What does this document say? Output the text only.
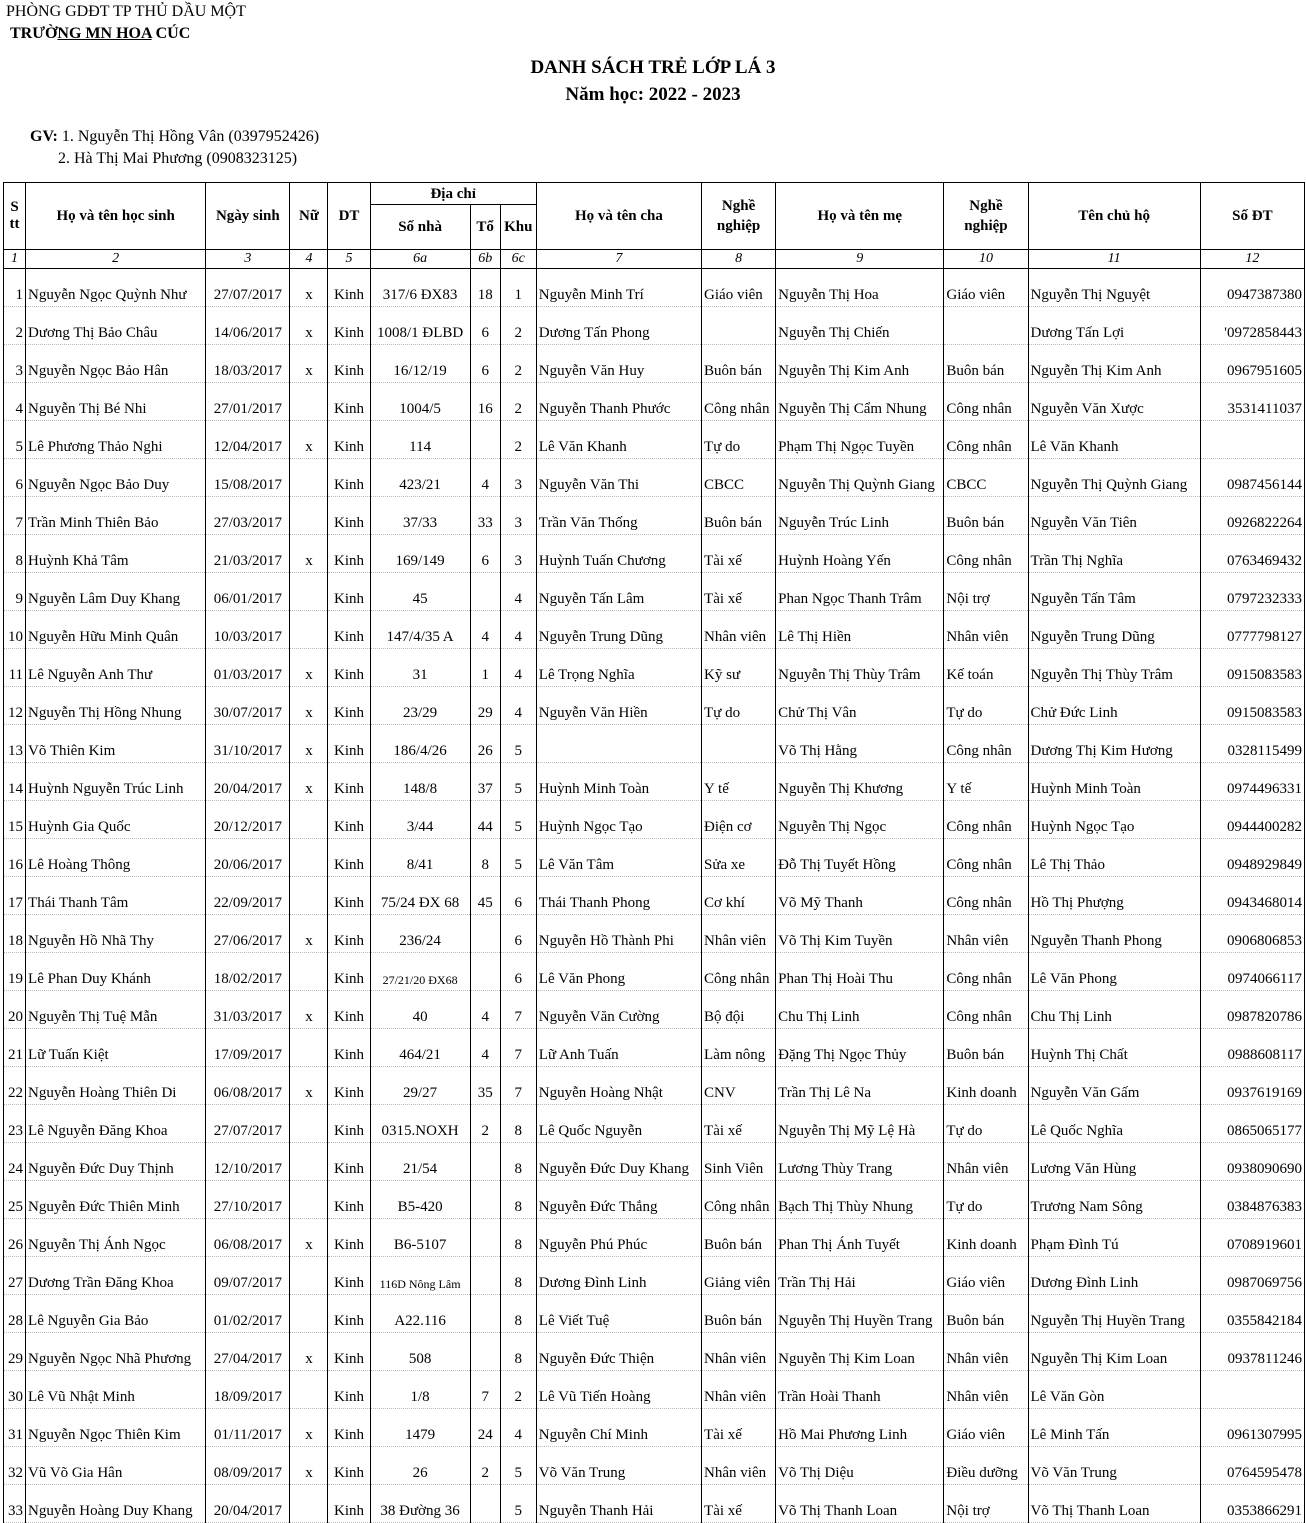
PHÒNG GDĐT TP THỦ DẦU MỘT
TRƯỜNG MN HOA CÚC
DANH SÁCH TRẺ LỚP LÁ 3
Năm học: 2022 - 2023
GV: 1. Nguyễn Thị Hồng Vân (0397952426)
2. Hà Thị Mai Phương (0908323125)
Stt	Họ và tên học sinh	Ngày sinh	Nữ	DT	Địa chỉ			Họ và tên cha	Nghề nghiệp	Họ và tên mẹ	Nghề nghiệp	Tên chủ hộ	Số ĐT
					Số nhà	Tổ	Khu						
1	2	3	4	5	6a	6b	6c	7	8	9	10	11	12
1	Nguyễn Ngọc Quỳnh Như	27/07/2017	x	Kinh	317/6 ĐX83	18	1	Nguyễn Minh Trí	Giáo viên	Nguyễn Thị Hoa	Giáo viên	Nguyễn Thị Nguyệt	0947387380
2	Dương Thị Bảo Châu	14/06/2017	x	Kinh	1008/1 ĐLBD	6	2	Dương Tấn Phong		Nguyễn Thị Chiến		Dương Tấn Lợi	'0972858443
3	Nguyễn Ngọc Bảo Hân	18/03/2017	x	Kinh	16/12/19	6	2	Nguyễn Văn Huy	Buôn bán	Nguyễn Thị Kim Anh	Buôn bán	Nguyễn Thị Kim Anh	0967951605
4	Nguyễn Thị Bé Nhi	27/01/2017		Kinh	1004/5	16	2	Nguyễn Thanh Phước	Công nhân	Nguyễn Thị Cẩm Nhung	Công nhân	Nguyễn Văn Xược	3531411037
5	Lê Phương Thảo Nghi	12/04/2017	x	Kinh	114		2	Lê Văn Khanh	Tự do	Phạm Thị Ngọc Tuyền	Công nhân	Lê Văn Khanh	
6	Nguyễn Ngọc Bảo Duy	15/08/2017		Kinh	423/21	4	3	Nguyễn Văn Thi	CBCC	Nguyễn Thị Quỳnh Giang	CBCC	Nguyễn Thị Quỳnh Giang	0987456144
7	Trần Minh Thiên Bảo	27/03/2017		Kinh	37/33	33	3	Trần Văn Thống	Buôn bán	Nguyễn Trúc Linh	Buôn bán	Nguyễn Văn Tiên	0926822264
8	Huỳnh Khả Tâm	21/03/2017	x	Kinh	169/149	6	3	Huỳnh Tuấn Chương	Tài xế	Huỳnh Hoàng Yến	Công nhân	Trần Thị Nghĩa	0763469432
9	Nguyễn Lâm Duy Khang	06/01/2017		Kinh	45		4	Nguyễn Tấn Lâm	Tài xế	Phan Ngọc Thanh Trâm	Nội trợ	Nguyễn Tấn Tâm	0797232333
10	Nguyễn Hữu Minh Quân	10/03/2017		Kinh	147/4/35 A	4	4	Nguyễn Trung Dũng	Nhân viên	Lê Thị Hiền	Nhân viên	Nguyễn Trung Dũng	0777798127
11	Lê Nguyễn Anh Thư	01/03/2017	x	Kinh	31	1	4	Lê Trọng Nghĩa	Kỹ sư	Nguyễn Thị Thùy Trâm	Kế toán	Nguyễn Thị Thùy Trâm	0915083583
12	Nguyễn Thị Hồng Nhung	30/07/2017	x	Kinh	23/29	29	4	Nguyễn Văn Hiền	Tự do	Chử Thị Vân	Tự do	Chử Đức Linh	0915083583
13	Võ Thiên Kim	31/10/2017	x	Kinh	186/4/26	26	5			Võ Thị Hằng	Công nhân	Dương Thị Kim Hương	0328115499
14	Huỳnh Nguyễn Trúc Linh	20/04/2017	x	Kinh	148/8	37	5	Huỳnh Minh Toàn	Y tế	Nguyễn Thị Khương	Y tế	Huỳnh Minh Toàn	0974496331
15	Huỳnh Gia Quốc	20/12/2017		Kinh	3/44	44	5	Huỳnh Ngọc Tạo	Điện cơ	Nguyễn Thị Ngọc	Công nhân	Huỳnh Ngọc Tạo	0944400282
16	Lê Hoàng Thông	20/06/2017		Kinh	8/41	8	5	Lê Văn Tâm	Sửa xe	Đỗ Thị Tuyết Hồng	Công nhân	Lê Thị Thảo	0948929849
17	Thái Thanh Tâm	22/09/2017		Kinh	75/24 ĐX 68	45	6	Thái Thanh Phong	Cơ khí	Võ Mỹ Thanh	Công nhân	Hồ Thị Phượng	0943468014
18	Nguyễn Hồ Nhã Thy	27/06/2017	x	Kinh	236/24		6	Nguyễn Hồ Thành Phi	Nhân viên	Võ Thị Kim Tuyền	Nhân viên	Nguyễn Thanh Phong	0906806853
19	Lê Phan Duy Khánh	18/02/2017		Kinh	27/21/20 ĐX68		6	Lê Văn Phong	Công nhân	Phan Thị Hoài Thu	Công nhân	Lê Văn Phong	0974066117
20	Nguyễn Thị Tuệ Mẫn	31/03/2017	x	Kinh	40	4	7	Nguyễn Văn Cường	Bộ đội	Chu Thị Linh	Công nhân	Chu Thị Linh	0987820786
21	Lữ Tuấn Kiệt	17/09/2017		Kinh	464/21	4	7	Lữ Anh Tuấn	Làm nông	Đặng Thị Ngọc Thủy	Buôn bán	Huỳnh Thị Chất	0988608117
22	Nguyễn Hoàng Thiên Di	06/08/2017	x	Kinh	29/27	35	7	Nguyễn Hoàng Nhật	CNV	Trần Thị Lê Na	Kinh doanh	Nguyễn Văn Gấm	0937619169
23	Lê Nguyễn Đăng Khoa	27/07/2017		Kinh	0315.NOXH	2	8	Lê Quốc Nguyễn	Tài xế	Nguyễn Thị Mỹ Lệ Hà	Tự do	Lê Quốc Nghĩa	0865065177
24	Nguyễn Đức Duy Thịnh	12/10/2017		Kinh	21/54		8	Nguyễn Đức Duy Khang	Sinh Viên	Lương Thùy Trang	Nhân viên	Lương Văn Hùng	0938090690
25	Nguyễn Đức Thiên Minh	27/10/2017		Kinh	B5-420		8	Nguyễn Đức Thắng	Công nhân	Bạch Thị Thùy Nhung	Tự do	Trương Nam Sông	0384876383
26	Nguyễn Thị Ánh Ngọc	06/08/2017	x	Kinh	B6-5107		8	Nguyễn Phú Phúc	Buôn bán	Phan Thị Ánh Tuyết	Kinh doanh	Phạm Đình Tú	0708919601
27	Dương Trần Đăng Khoa	09/07/2017		Kinh	116D Nông Lâm		8	Dương Đình Linh	Giảng viên	Trần Thị Hải	Giáo viên	Dương Đình Linh	0987069756
28	Lê Nguyễn Gia Bảo	01/02/2017		Kinh	A22.116		8	Lê Viết Tuệ	Buôn bán	Nguyễn Thị Huyền Trang	Buôn bán	Nguyễn Thị Huyền Trang	0355842184
29	Nguyễn Ngọc Nhã Phương	27/04/2017	x	Kinh	508		8	Nguyễn Đức Thiện	Nhân viên	Nguyễn Thị Kim Loan	Nhân viên	Nguyễn Thị Kim Loan	0937811246
30	Lê Vũ Nhật Minh	18/09/2017		Kinh	1/8	7	2	Lê Vũ Tiến Hoàng	Nhân viên	Trần Hoài Thanh	Nhân viên	Lê Văn Gòn	
31	Nguyễn Ngọc Thiên Kim	01/11/2017	x	Kinh	1479	24	4	Nguyễn Chí Minh	Tài xế	Hồ Mai Phương Linh	Giáo viên	Lê Minh Tấn	0961307995
32	Vũ Võ Gia Hân	08/09/2017	x	Kinh	26	2	5	Võ Văn Trung	Nhân viên	Võ Thị Diệu	Điều dưỡng	Võ Văn Trung	0764595478
33	Nguyễn Hoàng Duy Khang	20/04/2017		Kinh	38 Đường 36		5	Nguyễn Thanh Hải	Tài xế	Võ Thị Thanh Loan	Nội trợ	Võ Thị Thanh Loan	0353866291
